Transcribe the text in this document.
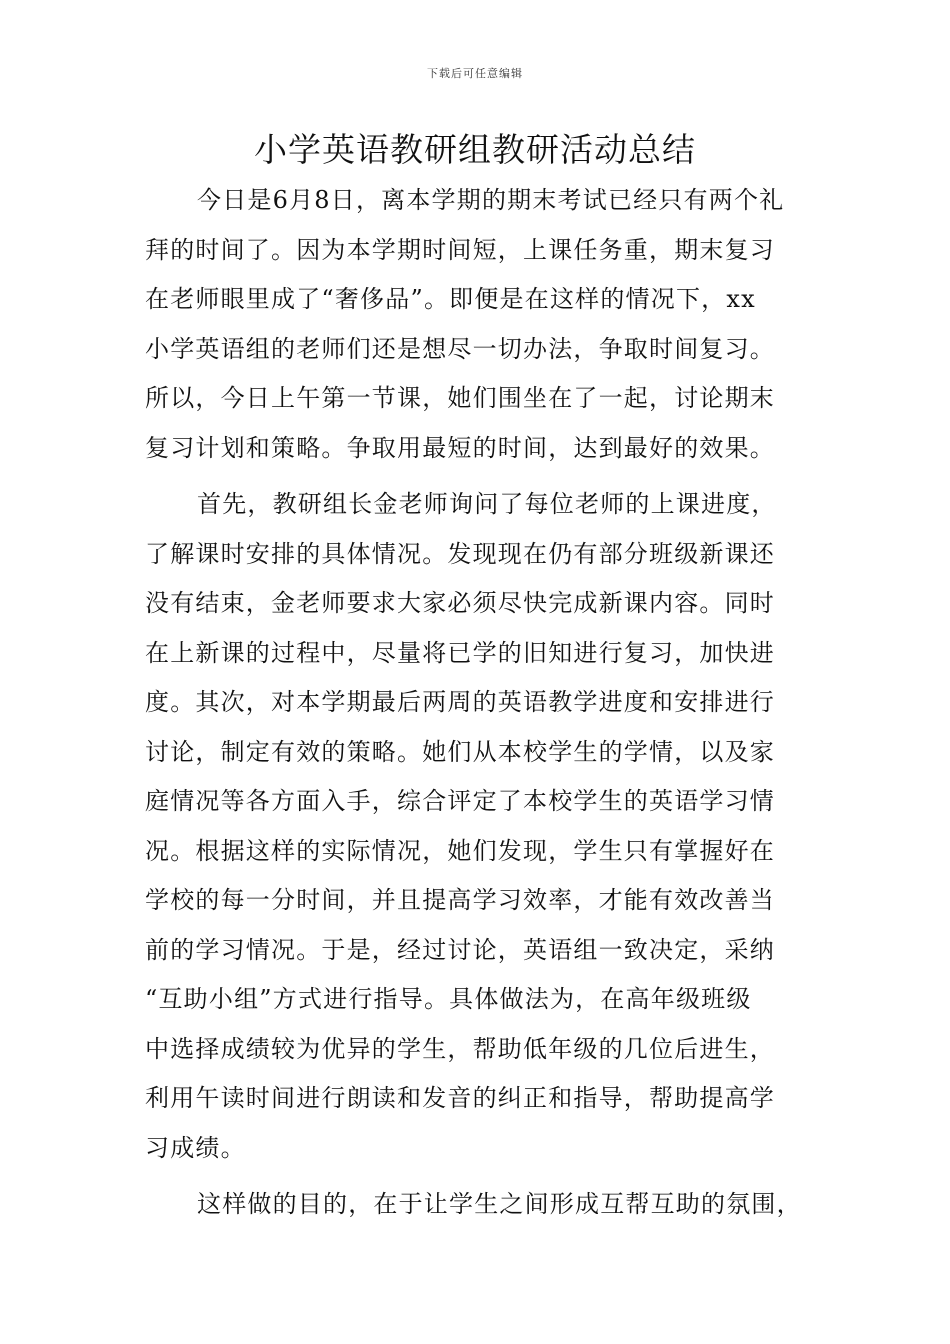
下载后可任意编辑
小学英语教研组教研活动总结
今日是6月8日，离本学期的期末考试已经只有两个礼
拜的时间了。因为本学期时间短，上课任务重，期末复习
在老师眼里成了“奢侈品”。即便是在这样的情况下，xx
小学英语组的老师们还是想尽一切办法，争取时间复习。
所以，今日上午第一节课，她们围坐在了一起，讨论期末
复习计划和策略。争取用最短的时间，达到最好的效果。
首先，教研组长金老师询问了每位老师的上课进度，
了解课时安排的具体情况。发现现在仍有部分班级新课还
没有结束，金老师要求大家必须尽快完成新课内容。同时
在上新课的过程中，尽量将已学的旧知进行复习，加快进
度。其次，对本学期最后两周的英语教学进度和安排进行
讨论，制定有效的策略。她们从本校学生的学情，以及家
庭情况等各方面入手，综合评定了本校学生的英语学习情
况。根据这样的实际情况，她们发现，学生只有掌握好在
学校的每一分时间，并且提高学习效率，才能有效改善当
前的学习情况。于是，经过讨论，英语组一致决定，采纳
“互助小组”方式进行指导。具体做法为，在高年级班级
中选择成绩较为优异的学生，帮助低年级的几位后进生，
利用午读时间进行朗读和发音的纠正和指导，帮助提高学
习成绩。
这样做的目的，在于让学生之间形成互帮互助的氛围，
